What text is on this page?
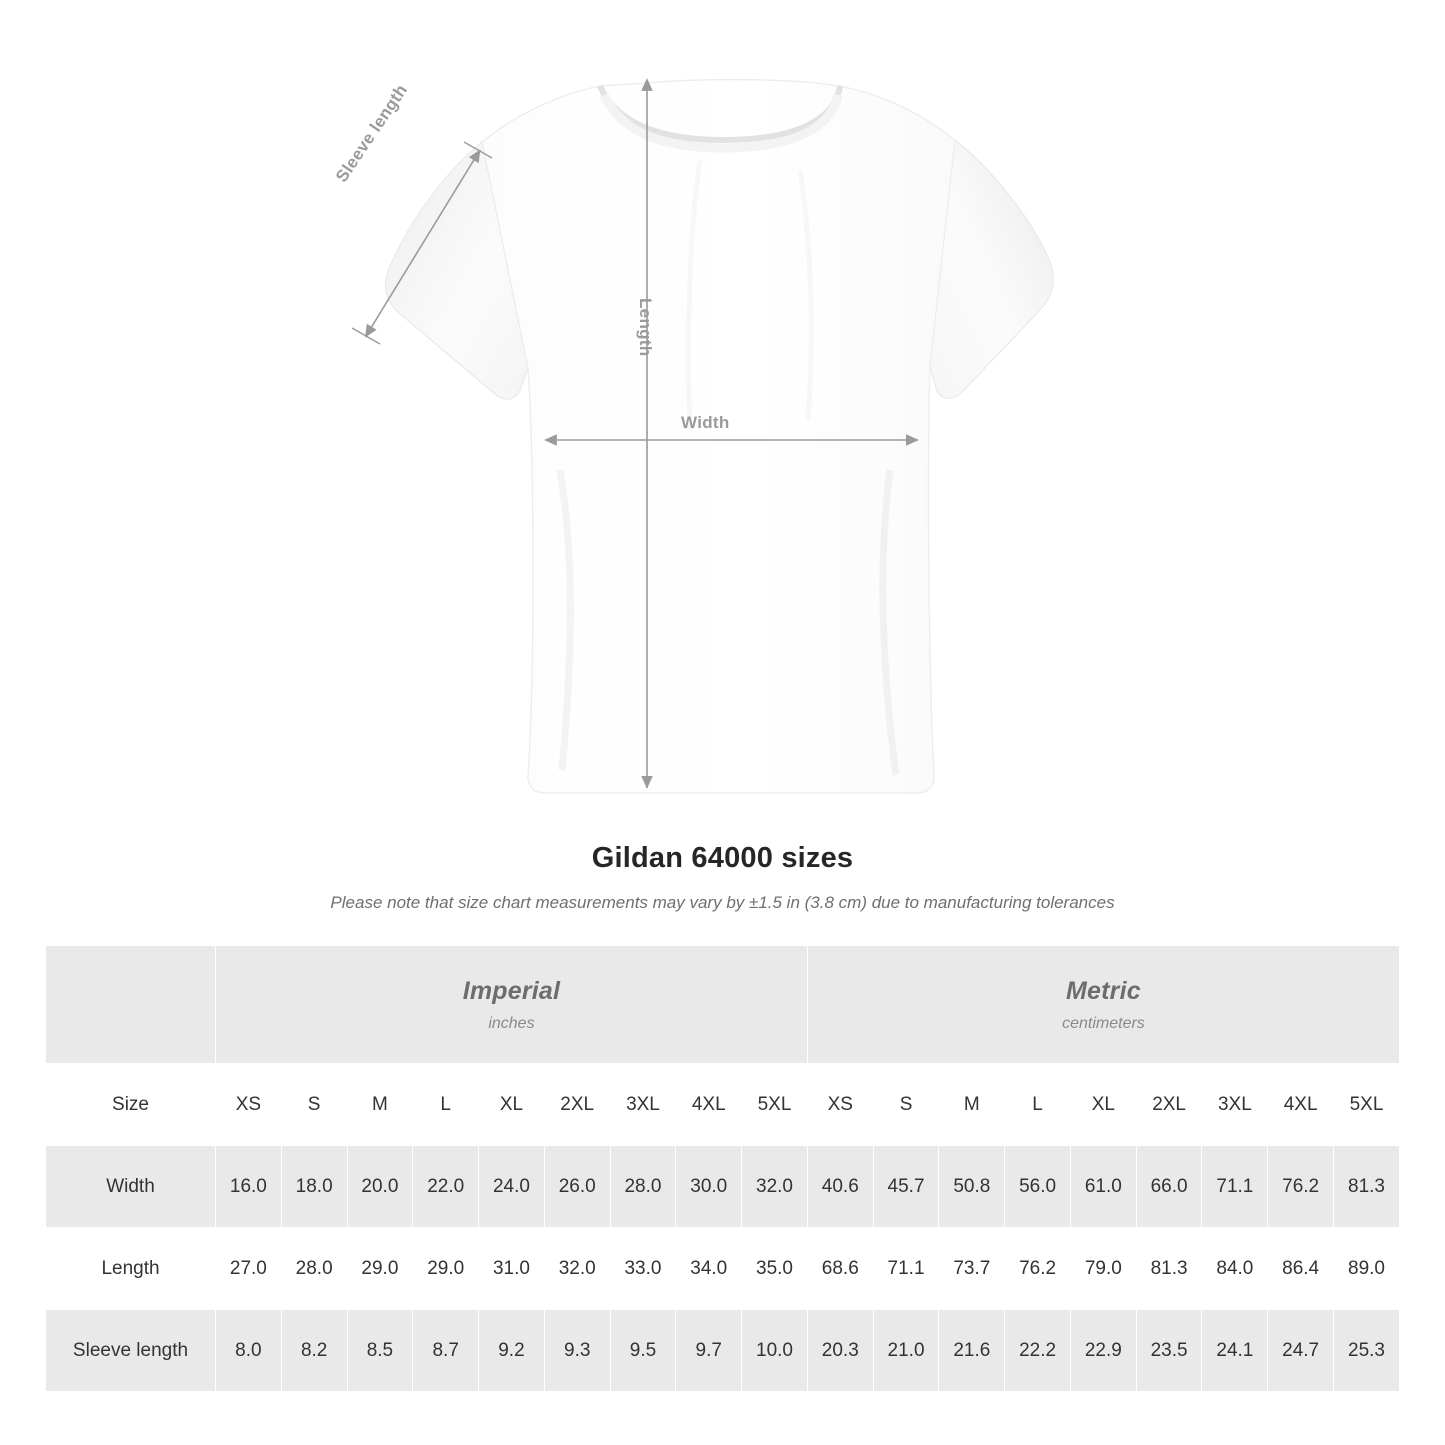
Sleeve length
Length
Width
Gildan 64000 sizes
Please note that size chart measurements may vary by ±1.5 in (3.8 cm) due to manufacturing tolerances

	Imperial
inches									Metric
centimeters								

Size	XS	S	M	L	XL	2XL	3XL	4XL	5XL	XS	S	M	L	XL	2XL	3XL	4XL	5XL
Width	16.0	18.0	20.0	22.0	24.0	26.0	28.0	30.0	32.0	40.6	45.7	50.8	56.0	61.0	66.0	71.1	76.2	81.3
Length	27.0	28.0	29.0	29.0	31.0	32.0	33.0	34.0	35.0	68.6	71.1	73.7	76.2	79.0	81.3	84.0	86.4	89.0
Sleeve length	8.0	8.2	8.5	8.7	9.2	9.3	9.5	9.7	10.0	20.3	21.0	21.6	22.2	22.9	23.5	24.1	24.7	25.3
